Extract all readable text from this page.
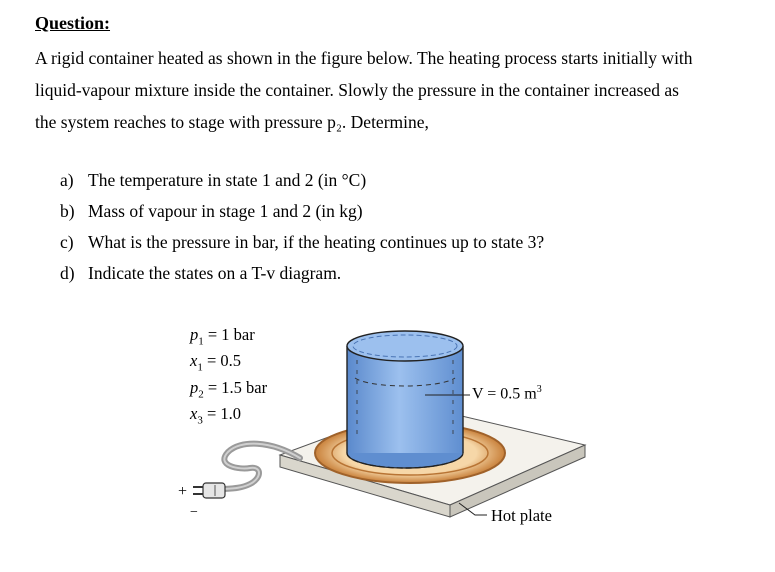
Question:
A rigid container heated as shown in the figure below. The heating process starts initially with
liquid-vapour mixture inside the container. Slowly the pressure in the container increased as
the system reaches to stage with pressure p₂. Determine,
a) The temperature in state 1 and 2 (in °C)
b) Mass of vapour in stage 1 and 2 (in kg)
c) What is the pressure in bar, if the heating continues up to state 3?
d) Indicate the states on a T-v diagram.
+
−
$p_1 = 1$ bar
$x_1 = 0.5$
$p_2 = 1.5$ bar
$x_3 = 1.0$
V = 0.5 $m^3$
Hot plate
